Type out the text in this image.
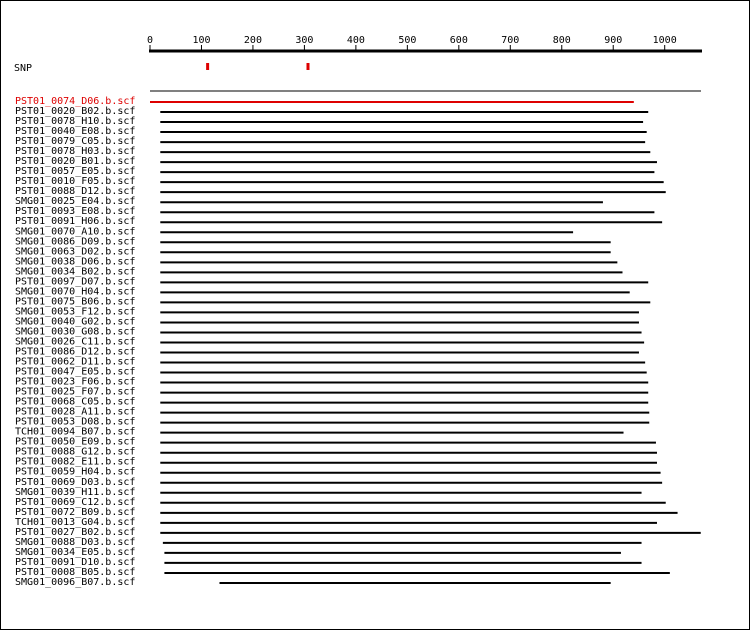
0	100	200	300	400	500	600	700	800	900	1000
SNP
PST01_0074_D06.b.scf
PST01_0020_B02.b.scf
PST01_0078_H10.b.scf
PST01_0040_E08.b.scf
PST01_0079_C05.b.scf
PST01_0078_H03.b.scf
PST01_0020_B01.b.scf
PST01_0057_E05.b.scf
PST01_0010_F05.b.scf
PST01_0088_D12.b.scf
SMG01_0025_E04.b.scf
PST01_0093_E08.b.scf
PST01_0091_H06.b.scf
SMG01_0070_A10.b.scf
SMG01_0086_D09.b.scf
SMG01_0063_D02.b.scf
SMG01_0038_D06.b.scf
SMG01_0034_B02.b.scf
PST01_0097_D07.b.scf
SMG01_0070_H04.b.scf
PST01_0075_B06.b.scf
SMG01_0053_F12.b.scf
SMG01_0040_G02.b.scf
SMG01_0030_G08.b.scf
SMG01_0026_C11.b.scf
PST01_0086_D12.b.scf
PST01_0062_D11.b.scf
PST01_0047_E05.b.scf
PST01_0023_F06.b.scf
PST01_0025_F07.b.scf
PST01_0068_C05.b.scf
PST01_0028_A11.b.scf
PST01_0053_D08.b.scf
TCH01_0094_B07.b.scf
PST01_0050_E09.b.scf
PST01_0088_G12.b.scf
PST01_0082_E11.b.scf
PST01_0059_H04.b.scf
PST01_0069_D03.b.scf
SMG01_0039_H11.b.scf
PST01_0069_C12.b.scf
PST01_0072_B09.b.scf
TCH01_0013_G04.b.scf
PST01_0027_B02.b.scf
SMG01_0088_D03.b.scf
SMG01_0034_E05.b.scf
PST01_0091_D10.b.scf
PST01_0008_B05.b.scf
SMG01_0096_B07.b.scf
